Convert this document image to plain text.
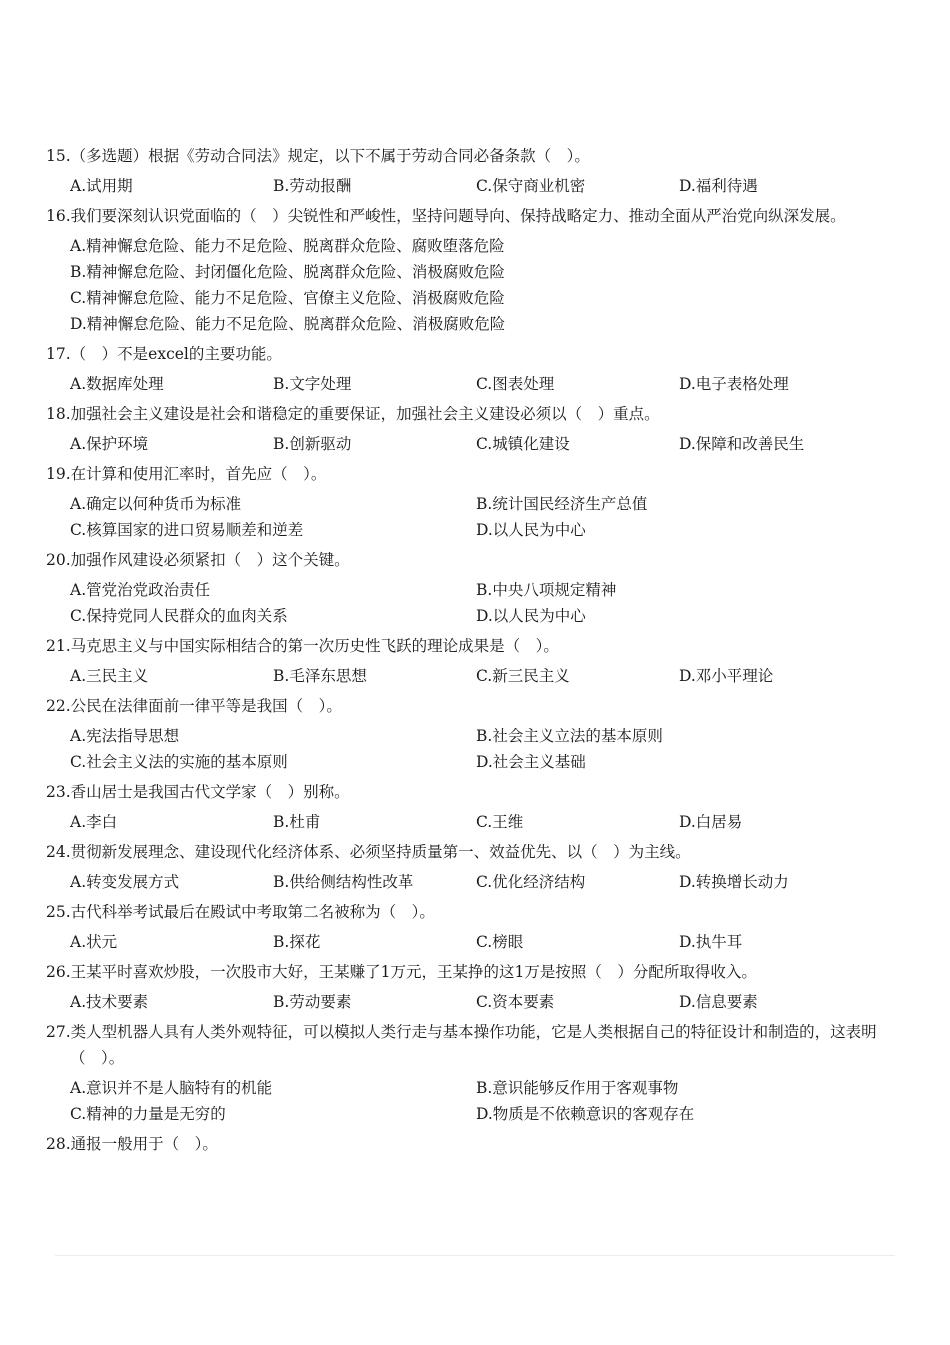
15.（多选题）根据《劳动合同法》规定，以下不属于劳动合同必备条款（　）。

A.试用期	B.劳动报酬	C.保守商业机密	D.福利待遇

16.我们要深刻认识党面临的（　）尖锐性和严峻性，坚持问题导向、保持战略定力、推动全面从严治党向纵深发展。

A.精神懈怠危险、能力不足危险、脱离群众危险、腐败堕落危险
B.精神懈怠危险、封闭僵化危险、脱离群众危险、消极腐败危险
C.精神懈怠危险、能力不足危险、官僚主义危险、消极腐败危险
D.精神懈怠危险、能力不足危险、脱离群众危险、消极腐败危险

17.（　）不是excel的主要功能。

A.数据库处理	B.文字处理	C.图表处理	D.电子表格处理

18.加强社会主义建设是社会和谐稳定的重要保证，加强社会主义建设必须以（　）重点。

A.保护环境	B.创新驱动	C.城镇化建设	D.保障和改善民生

19.在计算和使用汇率时，首先应（　）。

A.确定以何种货币为标准	B.统计国民经济生产总值
C.核算国家的进口贸易顺差和逆差	D.以人民为中心

20.加强作风建设必须紧扣（　）这个关键。

A.管党治党政治责任	B.中央八项规定精神
C.保持党同人民群众的血肉关系	D.以人民为中心

21.马克思主义与中国实际相结合的第一次历史性飞跃的理论成果是（　）。

A.三民主义	B.毛泽东思想	C.新三民主义	D.邓小平理论

22.公民在法律面前一律平等是我国（　）。

A.宪法指导思想	B.社会主义立法的基本原则
C.社会主义法的实施的基本原则	D.社会主义基础

23.香山居士是我国古代文学家（　）别称。

A.李白	B.杜甫	C.王维	D.白居易

24.贯彻新发展理念、建设现代化经济体系、必须坚持质量第一、效益优先、以（　）为主线。

A.转变发展方式	B.供给侧结构性改革	C.优化经济结构	D.转换增长动力

25.古代科举考试最后在殿试中考取第二名被称为（　）。

A.状元	B.探花	C.榜眼	D.执牛耳

26.王某平时喜欢炒股，一次股市大好，王某赚了1万元，王某挣的这1万是按照（　）分配所取得收入。

A.技术要素	B.劳动要素	C.资本要素	D.信息要素

27.类人型机器人具有人类外观特征，可以模拟人类行走与基本操作功能，它是人类根据自己的特征设计和制造的，这表明（　）。

A.意识并不是人脑特有的机能	B.意识能够反作用于客观事物
C.精神的力量是无穷的	D.物质是不依赖意识的客观存在

28.通报一般用于（　）。
